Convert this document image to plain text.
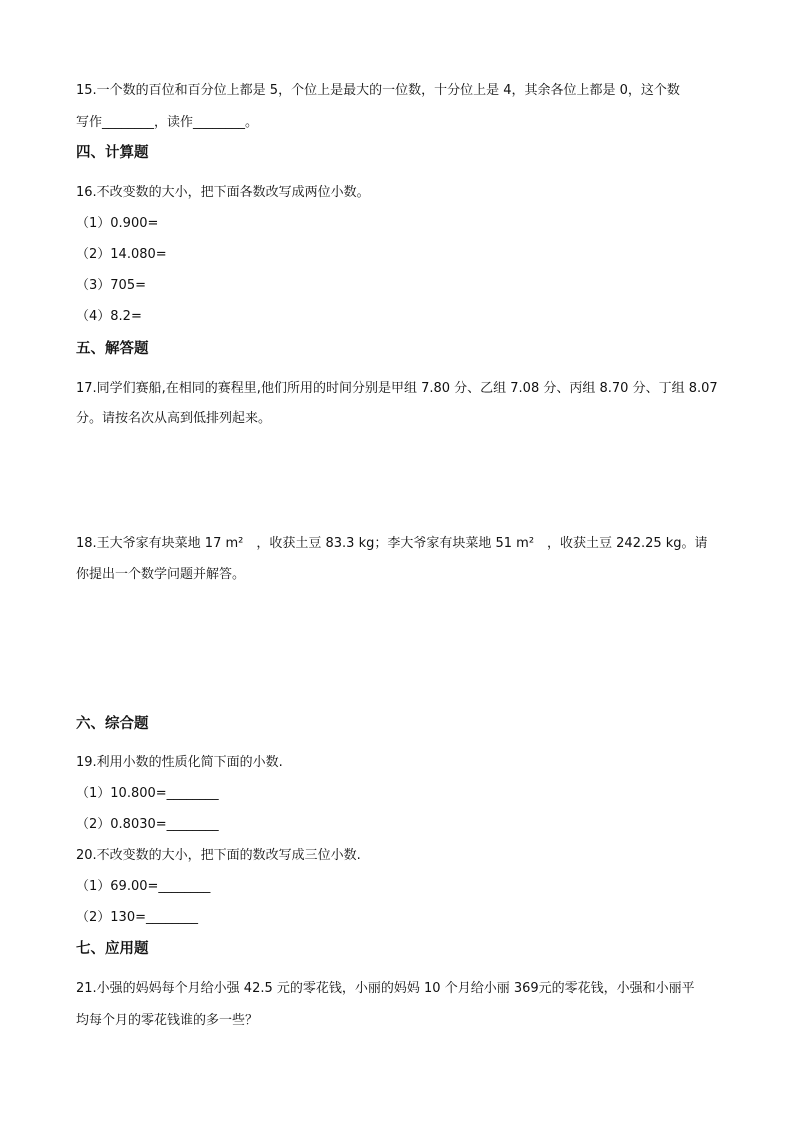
15.一个数的百位和百分位上都是 5，个位上是最大的一位数，十分位上是 4，其余各位上都是 0，这个数
写作________，读作________。
四、计算题
16.不改变数的大小，把下面各数改写成两位小数。
（1）0.900=
（2）14.080=
（3）705=
（4）8.2=
五、解答题
17.同学们赛船,在相同的赛程里,他们所用的时间分别是甲组 7.80 分、乙组 7.08 分、丙组 8.70 分、丁组 8.07
分。请按名次从高到低排列起来。
18.王大爷家有块菜地 17 m²　，收获土豆 83.3 kg；李大爷家有块菜地 51 m²　，收获土豆 242.25 kg。请
你提出一个数学问题并解答。
六、综合题
19.利用小数的性质化简下面的小数.
（1）10.800=________
（2）0.8030=________
20.不改变数的大小，把下面的数改写成三位小数.
（1）69.00=________
（2）130=________
七、应用题
21.小强的妈妈每个月给小强 42.5 元的零花钱，小丽的妈妈 10 个月给小丽 369元的零花钱，小强和小丽平
均每个月的零花钱谁的多一些？
